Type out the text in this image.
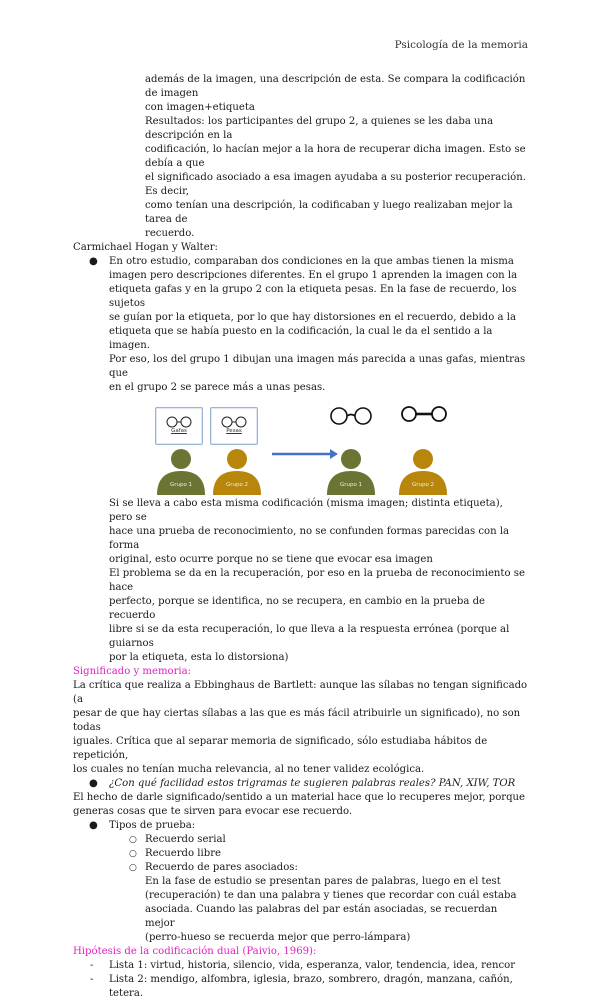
Psicología de la memoria

además de la imagen, una descripción de esta. Se compara la codificación de imagen

con imagen+etiqueta

Resultados: los participantes del grupo 2, a quienes se les daba una descripción en la

codificación, lo hacían mejor a la hora de recuperar dicha imagen. Esto se debía a que

el significado asociado a esa imagen ayudaba a su posterior recuperación. Es decir,

como tenían una descripción, la codificaban y luego realizaban mejor la tarea de

recuerdo.

Carmichael Hogan y Walter:

● En otro estudio, comparaban dos condiciones en la que ambas tienen la misma

imagen pero descripciones diferentes. En el grupo 1 aprenden la imagen con la

etiqueta gafas y en la grupo 2 con la etiqueta pesas. En la fase de recuerdo, los sujetos

se guían por la etiqueta, por lo que hay distorsiones en el recuerdo, debido a la

etiqueta que se había puesto en la codificación, la cual le da el sentido a la imagen.

Por eso, los del grupo 1 dibujan una imagen más parecida a unas gafas, mientras que

en el grupo 2 se parece más a unas pesas.

Gafas	Pesas
Grupo 1	Grupo 2	Grupo 1	Grupo 2

Si se lleva a cabo esta misma codificación (misma imagen; distinta etiqueta), pero se

hace una prueba de reconocimiento, no se confunden formas parecidas con la forma

original, esto ocurre porque no se tiene que evocar esa imagen

El problema se da en la recuperación, por eso en la prueba de reconocimiento se hace

perfecto, porque se identifica, no se recupera, en cambio en la prueba de recuerdo

libre si se da esta recuperación, lo que lleva a la respuesta errónea (porque al guiarnos

por la etiqueta, esta lo distorsiona)

Significado y memoria:

La crítica que realiza a Ebbinghaus de Bartlett: aunque las sílabas no tengan significado (a

pesar de que hay ciertas sílabas a las que es más fácil atribuirle un significado), no son todas

iguales. Crítica que al separar memoria de significado, sólo estudiaba hábitos de repetición,

los cuales no tenían mucha relevancia, al no tener validez ecológica.

● ¿Con qué facilidad estos trigramas te sugieren palabras reales? PAN, XIW, TOR

El hecho de darle significado/sentido a un material hace que lo recuperes mejor, porque

generas cosas que te sirven para evocar ese recuerdo.

● Tipos de prueba:

○ Recuerdo serial

○ Recuerdo libre

○ Recuerdo de pares asociados:

En la fase de estudio se presentan pares de palabras, luego en el test

(recuperación) te dan una palabra y tienes que recordar con cuál estaba

asociada. Cuando las palabras del par están asociadas, se recuerdan mejor

(perro-hueso se recuerda mejor que perro-lámpara)

Hipótesis de la codificación dual (Paivio, 1969):

- Lista 1: virtud, historia, silencio, vida, esperanza, valor, tendencia, idea, rencor

- Lista 2: mendigo, alfombra, iglesia, brazo, sombrero, dragón, manzana, cañón, tetera.
